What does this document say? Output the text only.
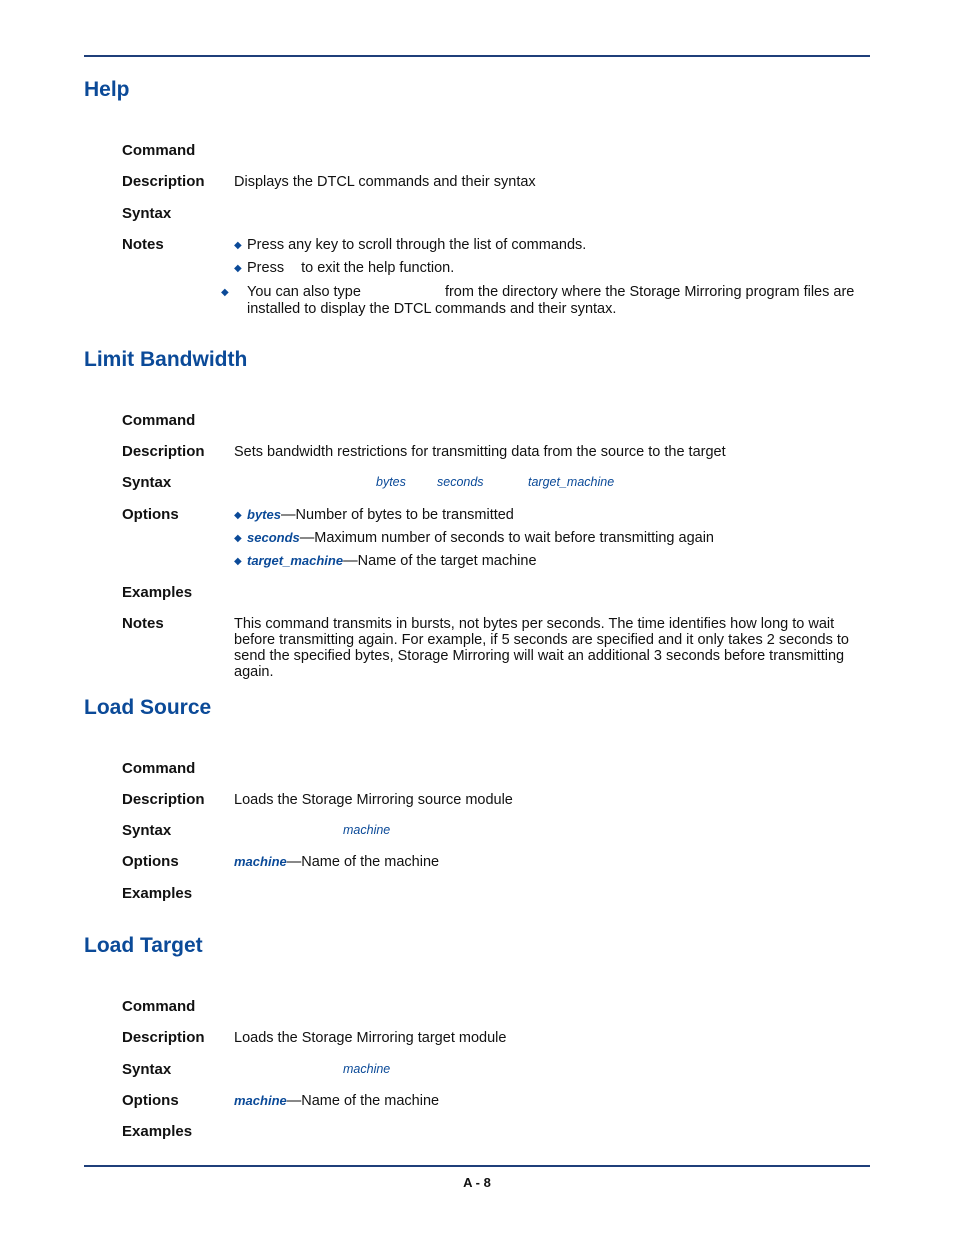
Help
Command
Description Displays the DTCL commands and their syntax
Syntax
Notes	◆ Press any key to scroll through the list of commands.
◆ Press to exit the help function.
◆ You can also type	from the directory where the Storage Mirroring program files are installed to display the DTCL commands and their syntax.
Limit Bandwidth
Command
Description Sets bandwidth restrictions for transmitting data from the source to the target
Syntax	bytes seconds	target_machine
Options	◆ bytes—Number of bytes to be transmitted
◆ seconds—Maximum number of seconds to wait before transmitting again
◆ target_machine—Name of the target machine
Examples
Notes	This command transmits in bursts, not bytes per seconds. The time identifies how long to wait before transmitting again. For example, if 5 seconds are specified and it only takes 2 seconds to send the specified bytes, Storage Mirroring will wait an additional 3 seconds before transmitting again.
Load Source
Command
Description Loads the Storage Mirroring source module
Syntax	machine
Options	machine—Name of the machine
Examples
Load Target
Command
Description Loads the Storage Mirroring target module
Syntax	machine
Options	machine—Name of the machine
Examples
A - 8
